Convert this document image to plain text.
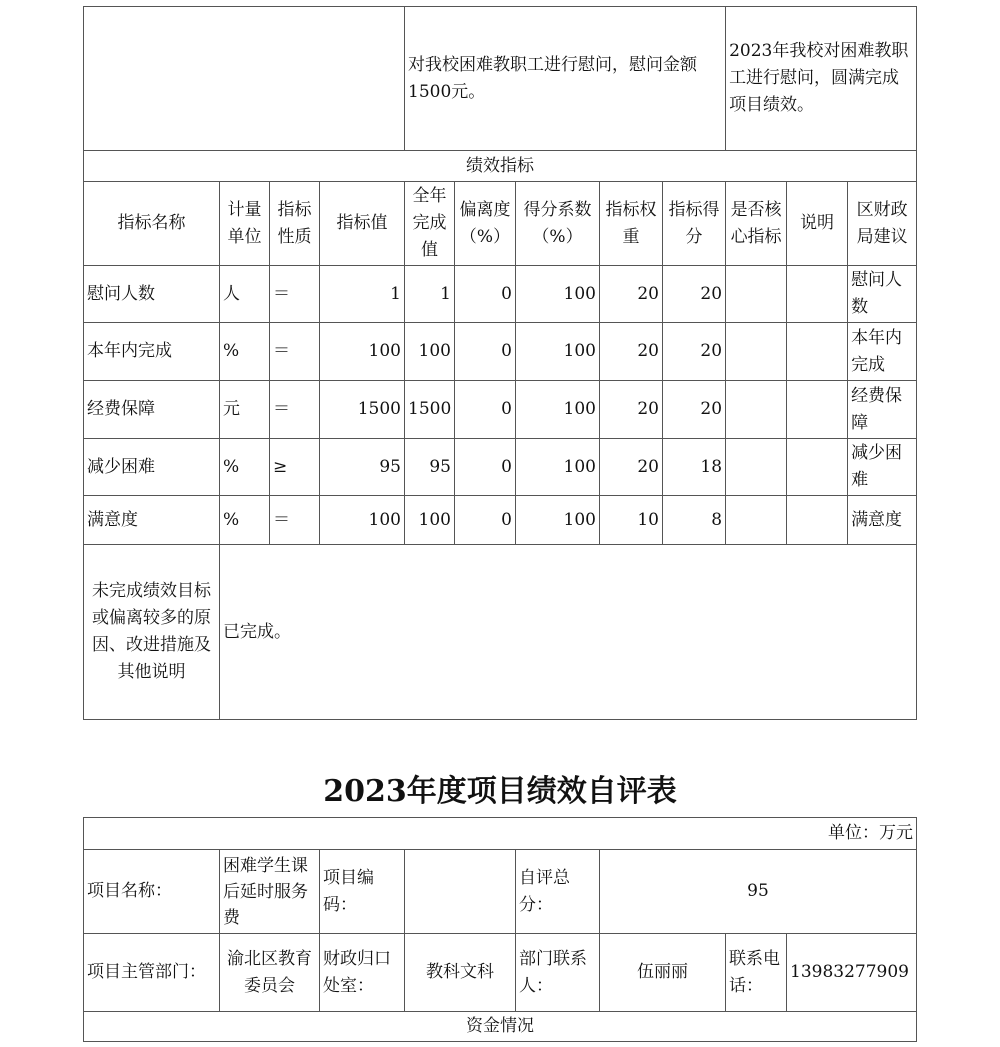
				对我校困难教职工进行慰问，慰问金额1500元。					2023年我校对困难教职工进行慰问，圆满完成项目绩效。		
绩效指标											
指标名称	计量单位	指标性质	指标值	全年完成值	偏离度（%）	得分系数（%）	指标权重	指标得分	是否核心指标	说明	区财政局建议
慰问人数	人	＝	1	1	0	100	20	20			慰问人数
本年内完成	%	＝	100	100	0	100	20	20			本年内完成
经费保障	元	＝	1500	1500	0	100	20	20			经费保障
减少困难	%	≥	95	95	0	100	20	18			减少困难
满意度	%	＝	100	100	0	100	10	8			满意度
未完成绩效目标或偏离较多的原因、改进措施及其他说明	已完成。										
2023年度项目绩效自评表
单位：万元							
项目名称：	困难学生课后延时服务费	项目编码：		自评总分：	95		
项目主管部门：	渝北区教育委员会	财政归口处室：	教科文科	部门联系人：	伍丽丽	联系电话：	13983277909
资金情况							
